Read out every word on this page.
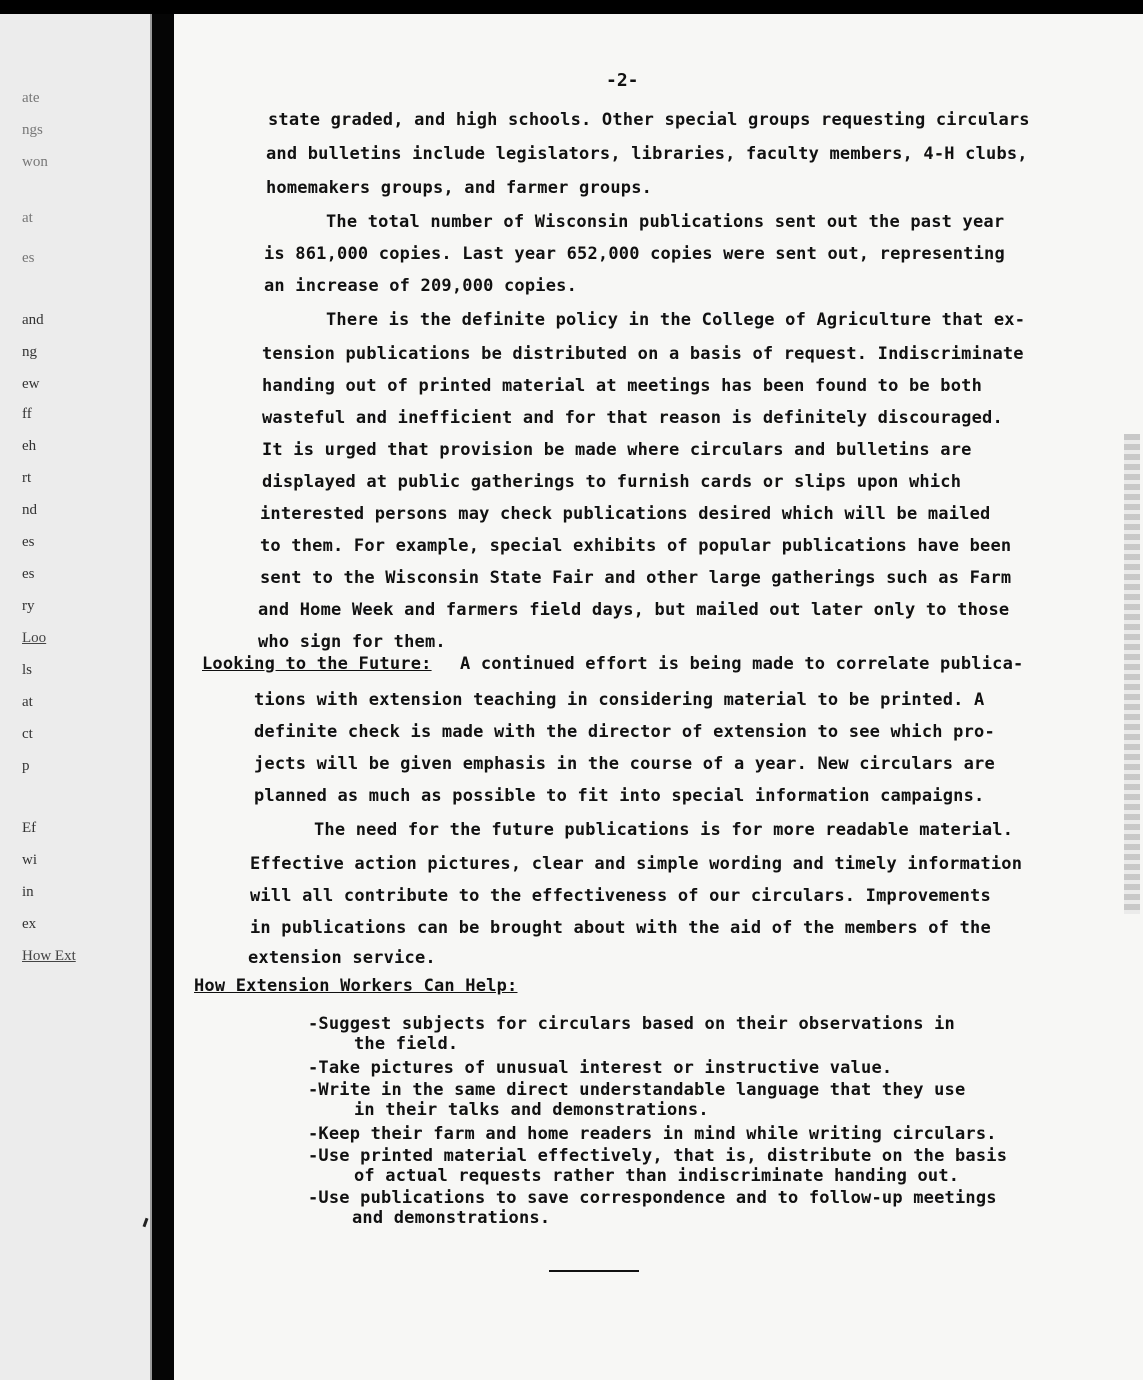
ate
ngs
won
at
es
and
ng
ew
ff
eh
rt
nd
es
es
ry
Loo
ls
at
ct
p
Ef
wi
in
ex
How Ext
-2-
state graded, and high schools. Other special groups requesting circulars
and bulletins include legislators, libraries, faculty members, 4-H clubs,
homemakers groups, and farmer groups.
The total number of Wisconsin publications sent out the past year
is 861,000 copies. Last year 652,000 copies were sent out, representing
an increase of 209,000 copies.
There is the definite policy in the College of Agriculture that ex-
tension publications be distributed on a basis of request. Indiscriminate
handing out of printed material at meetings has been found to be both
wasteful and inefficient and for that reason is definitely discouraged.
It is urged that provision be made where circulars and bulletins are
displayed at public gatherings to furnish cards or slips upon which
interested persons may check publications desired which will be mailed
to them. For example, special exhibits of popular publications have been
sent to the Wisconsin State Fair and other large gatherings such as Farm
and Home Week and farmers field days, but mailed out later only to those
who sign for them.
Looking to the Future: A continued effort is being made to correlate publica-
tions with extension teaching in considering material to be printed. A
definite check is made with the director of extension to see which pro-
jects will be given emphasis in the course of a year. New circulars are
planned as much as possible to fit into special information campaigns.
The need for the future publications is for more readable material.
Effective action pictures, clear and simple wording and timely information
will all contribute to the effectiveness of our circulars. Improvements
in publications can be brought about with the aid of the members of the
extension service.
How Extension Workers Can Help:
-Suggest subjects for circulars based on their observations in
the field.
-Take pictures of unusual interest or instructive value.
-Write in the same direct understandable language that they use
in their talks and demonstrations.
-Keep their farm and home readers in mind while writing circulars.
-Use printed material effectively, that is, distribute on the basis
of actual requests rather than indiscriminate handing out.
-Use publications to save correspondence and to follow-up meetings
and demonstrations.
